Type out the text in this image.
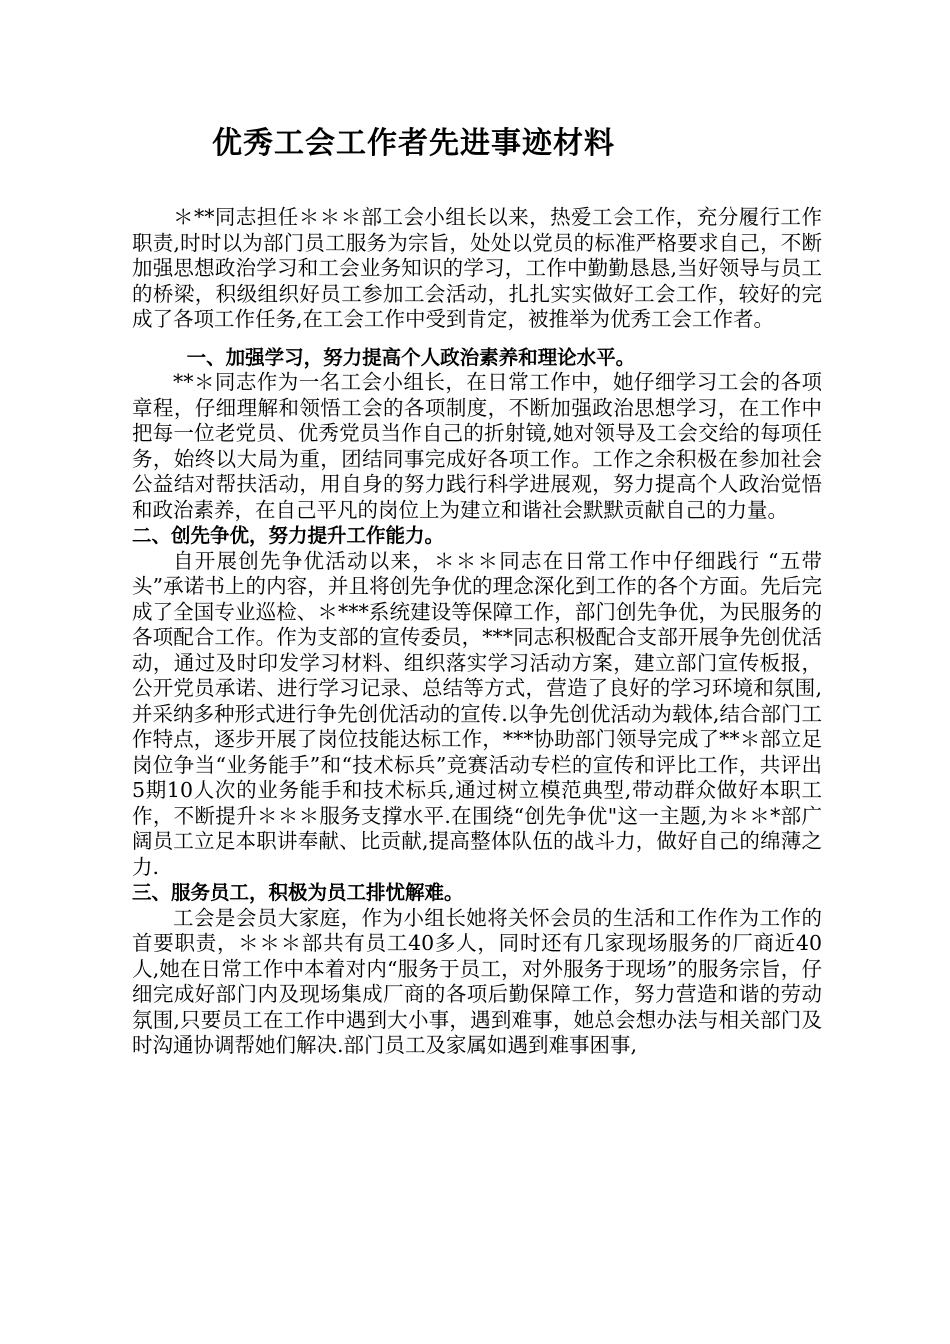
优秀工会工作者先进事迹材料

＊**同志担任＊＊＊部工会小组长以来，热爱工会工作，充分履行工作职责,时时以为部门员工服务为宗旨，处处以党员的标准严格要求自己，不断加强思想政治学习和工会业务知识的学习，工作中勤勤恳恳,当好领导与员工的桥梁，积级组织好员工参加工会活动，扎扎实实做好工会工作，较好的完成了各项工作任务,在工会工作中受到肯定，被推举为优秀工会工作者。

一、加强学习，努力提高个人政治素养和理论水平。

**＊同志作为一名工会小组长，在日常工作中，她仔细学习工会的各项章程，仔细理解和领悟工会的各项制度，不断加强政治思想学习，在工作中把每一位老党员、优秀党员当作自己的折射镜,她对领导及工会交给的每项任务，始终以大局为重，团结同事完成好各项工作。工作之余积极在参加社会公益结对帮扶活动，用自身的努力践行科学进展观，努力提高个人政治觉悟和政治素养，在自己平凡的岗位上为建立和谐社会默默贡献自己的力量。

二、创先争优，努力提升工作能力。

自开展创先争优活动以来，＊＊＊同志在日常工作中仔细践行 “五带头”承诺书上的内容，并且将创先争优的理念深化到工作的各个方面。先后完成了全国专业巡检、＊***系统建设等保障工作，部门创先争优，为民服务的各项配合工作。作为支部的宣传委员，***同志积极配合支部开展争先创优活动，通过及时印发学习材料、组织落实学习活动方案，建立部门宣传板报，公开党员承诺、进行学习记录、总结等方式，营造了良好的学习环境和氛围,并采纳多种形式进行争先创优活动的宣传.以争先创优活动为载体,结合部门工作特点，逐步开展了岗位技能达标工作，***协助部门领导完成了**＊部立足岗位争当“业务能手”和“技术标兵”竞赛活动专栏的宣传和评比工作，共评出5期10人次的业务能手和技术标兵,通过树立模范典型,带动群众做好本职工作，不断提升＊＊＊服务支撑水平.在围绕“创先争优"这一主题,为＊＊*部广阔员工立足本职讲奉献、比贡献,提高整体队伍的战斗力，做好自己的绵薄之力.

三、服务员工，积极为员工排忧解难。

工会是会员大家庭，作为小组长她将关怀会员的生活和工作作为工作的首要职责，＊＊＊部共有员工40多人，同时还有几家现场服务的厂商近40人,她在日常工作中本着对内“服务于员工，对外服务于现场”的服务宗旨，仔细完成好部门内及现场集成厂商的各项后勤保障工作，努力营造和谐的劳动氛围,只要员工在工作中遇到大小事，遇到难事，她总会想办法与相关部门及时沟通协调帮她们解决.部门员工及家属如遇到难事困事,
